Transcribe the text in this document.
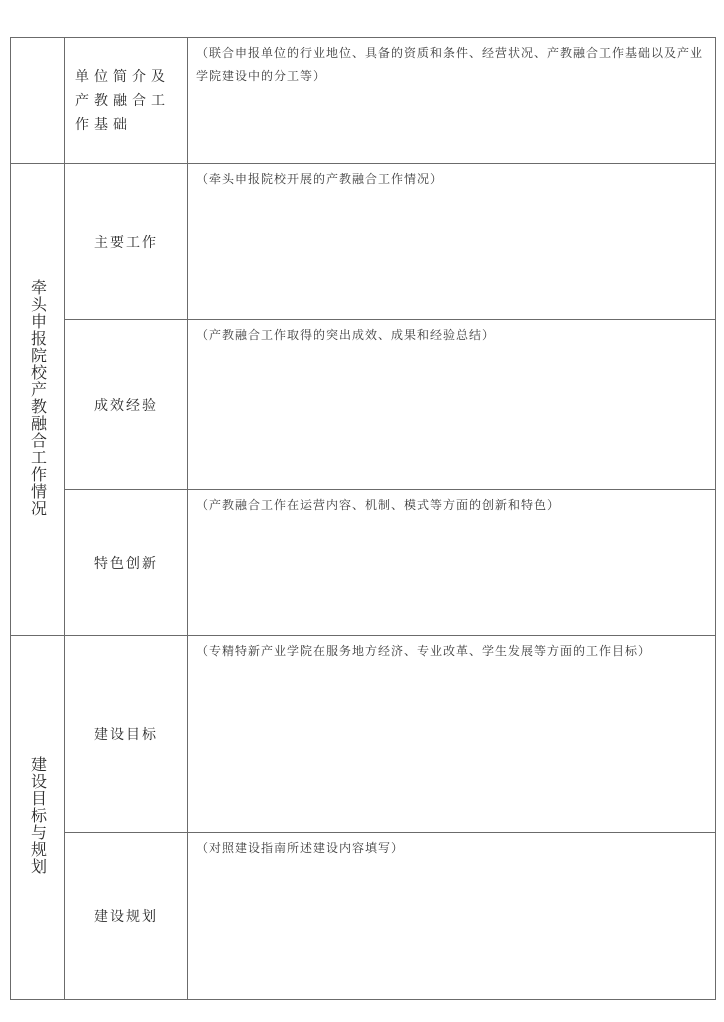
	单位简介及
产教融合工
作基础	（联合申报单位的行业地位、具备的资质和条件、经营状况、产教融合工作基础以及产业学院建设中的分工等）

牵头申报院校产教融合工作情况	主要工作	（牵头申报院校开展的产教融合工作情况）

	成效经验	（产教融合工作取得的突出成效、成果和经验总结）

	特色创新	（产教融合工作在运营内容、机制、模式等方面的创新和特色）

建设目标与规划	建设目标	（专精特新产业学院在服务地方经济、专业改革、学生发展等方面的工作目标）

	建设规划	（对照建设指南所述建设内容填写）
